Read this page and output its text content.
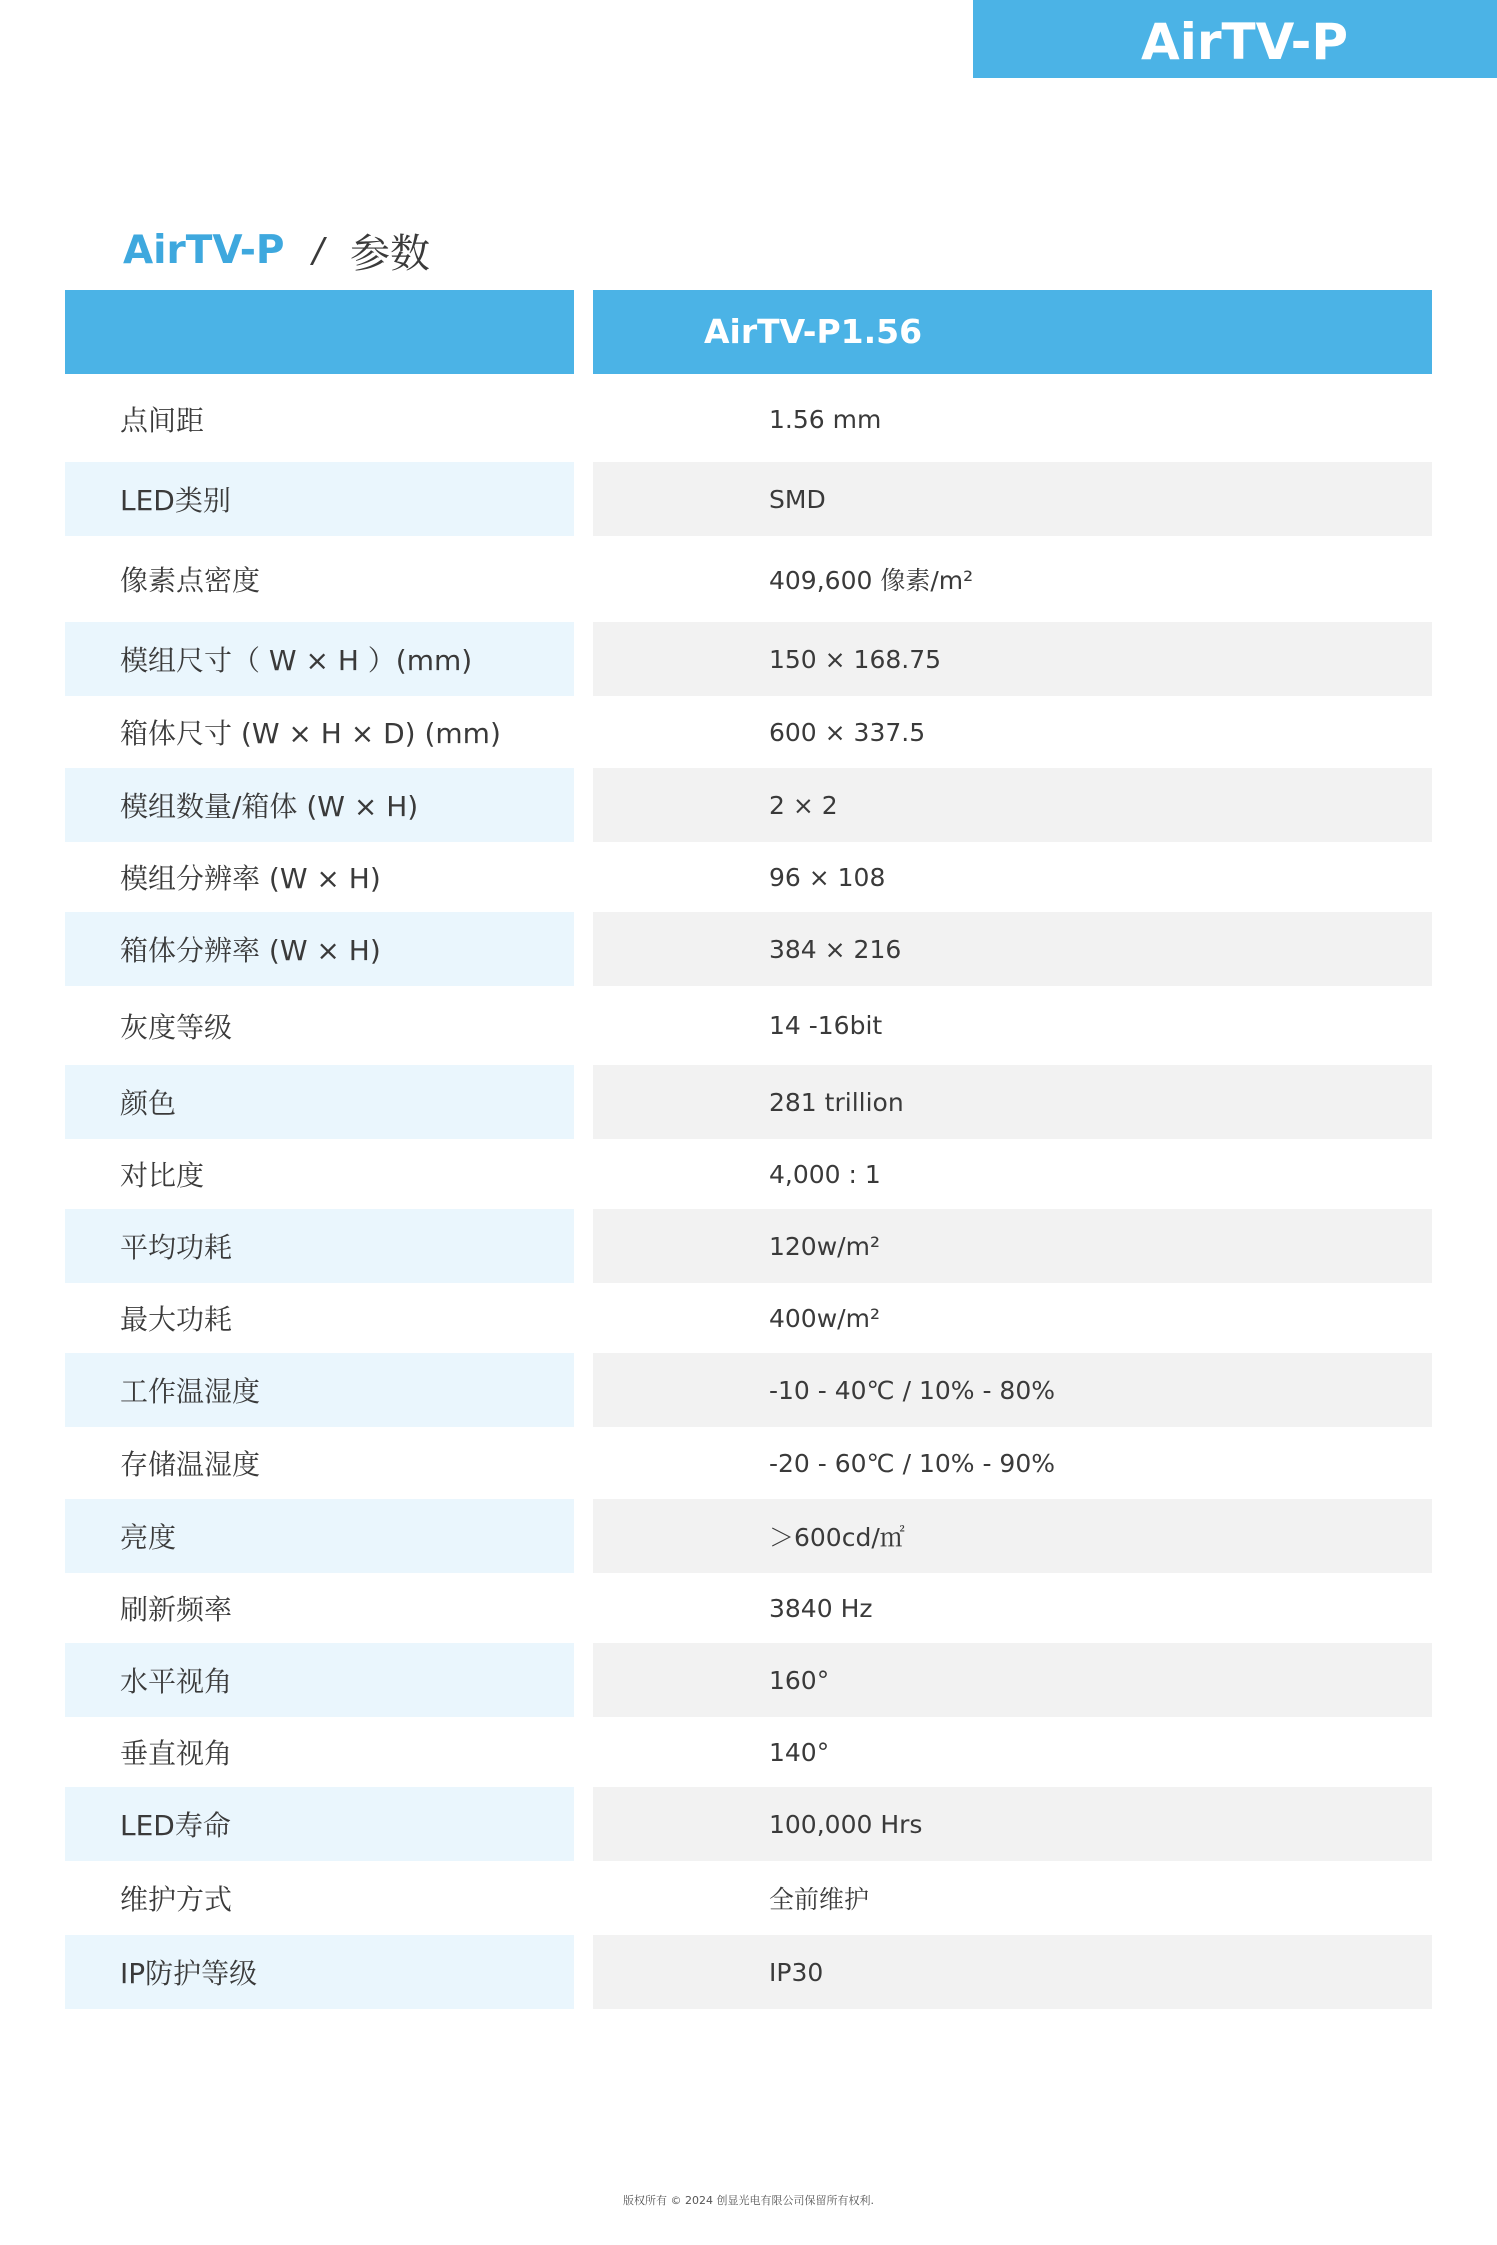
AirTV-P
AirTV-P / 参数
AirTV-P1.56
点间距	1.56 mm
LED类别	SMD
像素点密度	409,600 像素/m²
模组尺寸（ W × H ）(mm)	150 × 168.75
箱体尺寸 (W × H × D) (mm)	600 × 337.5
模组数量/箱体 (W × H)	2 × 2
模组分辨率 (W × H)	96 × 108
箱体分辨率 (W × H)	384 × 216
灰度等级	14 -16bit
颜色	281 trillion
对比度	4,000 : 1
平均功耗	120w/m²
最大功耗	400w/m²
工作温湿度	-10 - 40℃ / 10% - 80%
存储温湿度	-20 - 60℃ / 10% - 90%
亮度	＞600cd/㎡
刷新频率	3840 Hz
水平视角	160°
垂直视角	140°
LED寿命	100,000 Hrs
维护方式	全前维护
IP防护等级	IP30
版权所有 © 2024 创显光电有限公司保留所有权利.
